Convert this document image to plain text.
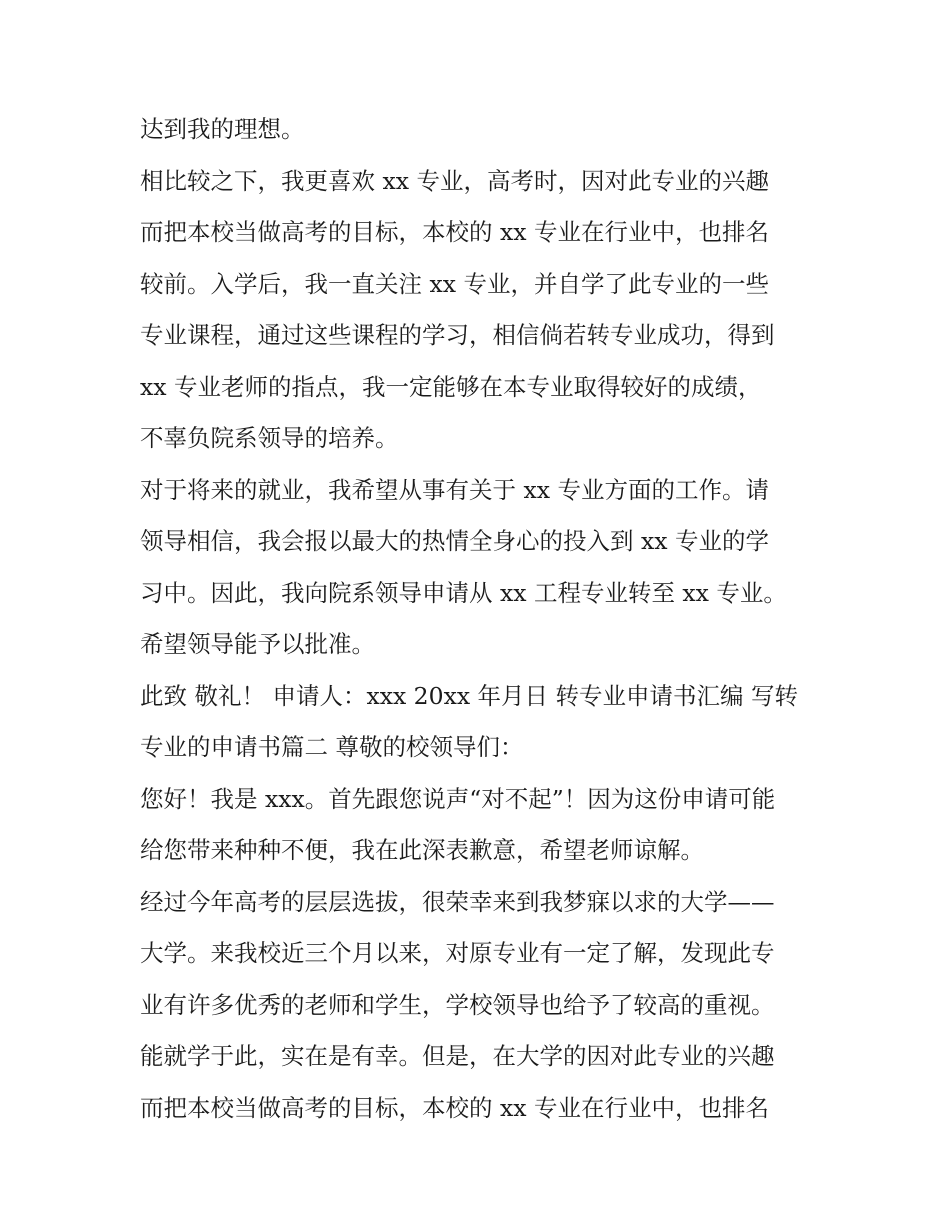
达到我的理想。
相比较之下，我更喜欢 xx 专业，高考时，因对此专业的兴趣
而把本校当做高考的目标，本校的 xx 专业在行业中，也排名
较前。入学后，我一直关注 xx 专业，并自学了此专业的一些
专业课程，通过这些课程的学习，相信倘若转专业成功，得到
xx 专业老师的指点，我一定能够在本专业取得较好的成绩，
不辜负院系领导的培养。
对于将来的就业，我希望从事有关于 xx 专业方面的工作。请
领导相信，我会报以最大的热情全身心的投入到 xx 专业的学
习中。因此，我向院系领导申请从 xx 工程专业转至 xx 专业。
希望领导能予以批准。
此致 敬礼！ 申请人：xxx 20xx 年月日 转专业申请书汇编 写转
专业的申请书篇二 尊敬的校领导们：
您好！我是 xxx。首先跟您说声“对不起”！因为这份申请可能
给您带来种种不便，我在此深表歉意，希望老师谅解。
经过今年高考的层层选拔，很荣幸来到我梦寐以求的大学——
大学。来我校近三个月以来，对原专业有一定了解，发现此专
业有许多优秀的老师和学生，学校领导也给予了较高的重视。
能就学于此，实在是有幸。但是，在大学的因对此专业的兴趣
而把本校当做高考的目标，本校的 xx 专业在行业中，也排名
